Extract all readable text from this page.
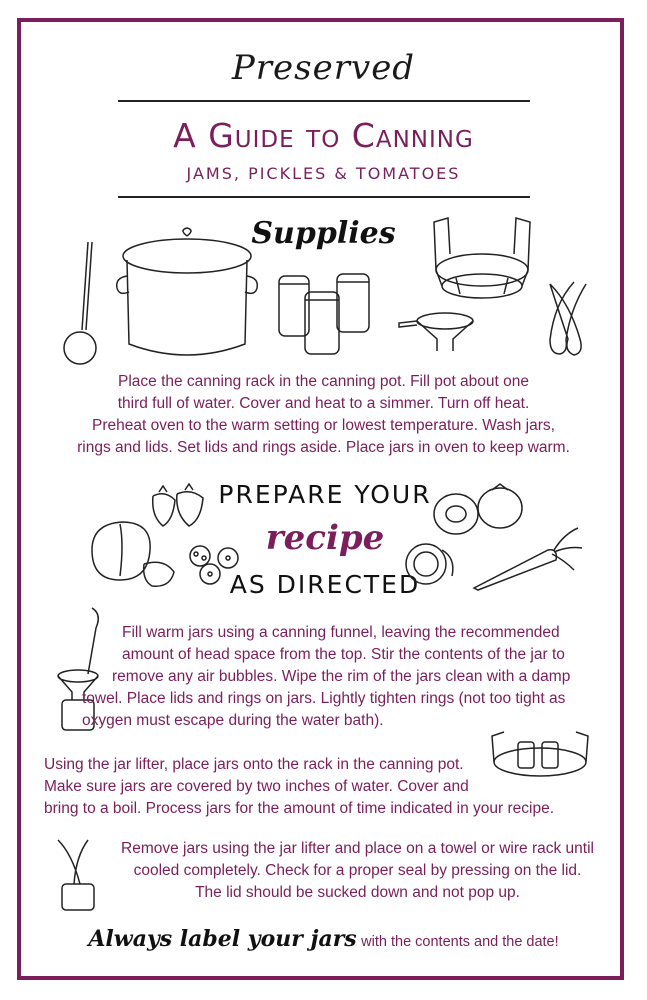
Preserved
A Guide to Canning
JAMS, PICKLES & TOMATOES
Supplies
Place the canning rack in the canning pot. Fill pot about one
third full of water. Cover and heat to a simmer. Turn off heat.
Preheat oven to the warm setting or lowest temperature. Wash jars,
rings and lids. Set lids and rings aside. Place jars in oven to keep warm.
PREPARE YOUR
recipe
AS DIRECTED
Fill warm jars using a canning funnel, leaving the recommended
amount of head space from the top. Stir the contents of the jar to
remove any air bubbles. Wipe the rim of the jars clean with a damp
towel. Place lids and rings on jars. Lightly tighten rings (not too tight as
oxygen must escape during the water bath).
Using the jar lifter, place jars onto the rack in the canning pot.
Make sure jars are covered by two inches of water. Cover and
bring to a boil. Process jars for the amount of time indicated in your recipe.
Remove jars using the jar lifter and place on a towel or wire rack until
cooled completely. Check for a proper seal by pressing on the lid.
The lid should be sucked down and not pop up.
Always label your jars with the contents and the date!
